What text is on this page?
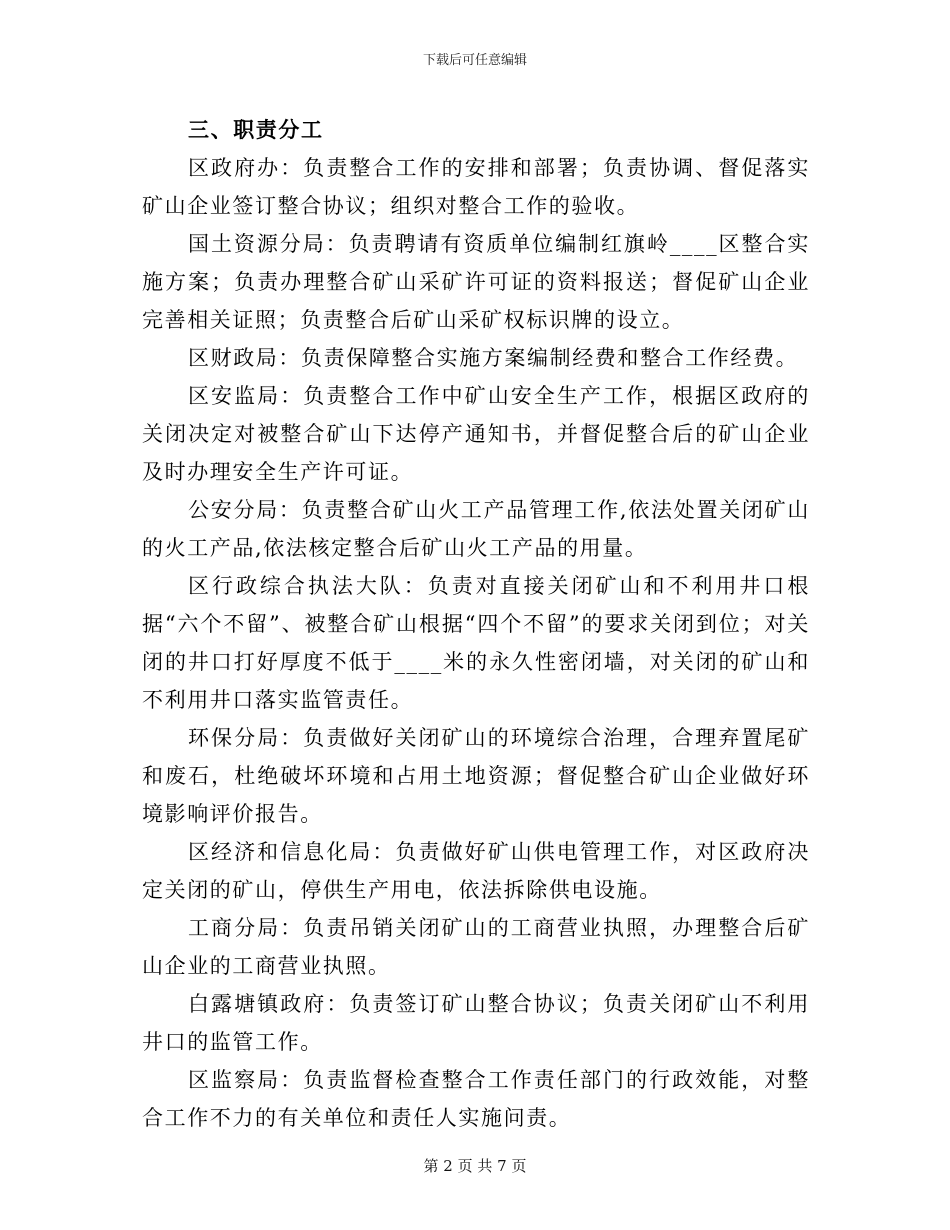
下载后可任意编辑

三、职责分工

区政府办：负责整合工作的安排和部署；负责协调、督促落实矿山企业签订整合协议；组织对整合工作的验收。

国土资源分局：负责聘请有资质单位编制红旗岭____区整合实施方案；负责办理整合矿山采矿许可证的资料报送；督促矿山企业完善相关证照；负责整合后矿山采矿权标识牌的设立。

区财政局：负责保障整合实施方案编制经费和整合工作经费。

区安监局：负责整合工作中矿山安全生产工作，根据区政府的关闭决定对被整合矿山下达停产通知书，并督促整合后的矿山企业及时办理安全生产许可证。

公安分局：负责整合矿山火工产品管理工作,依法处置关闭矿山的火工产品,依法核定整合后矿山火工产品的用量。

区行政综合执法大队：负责对直接关闭矿山和不利用井口根据“六个不留”、被整合矿山根据“四个不留”的要求关闭到位；对关闭的井口打好厚度不低于____米的永久性密闭墙，对关闭的矿山和不利用井口落实监管责任。

环保分局：负责做好关闭矿山的环境综合治理，合理弃置尾矿和废石，杜绝破坏环境和占用土地资源；督促整合矿山企业做好环境影响评价报告。

区经济和信息化局：负责做好矿山供电管理工作，对区政府决定关闭的矿山，停供生产用电，依法拆除供电设施。

工商分局：负责吊销关闭矿山的工商营业执照，办理整合后矿山企业的工商营业执照。

白露塘镇政府：负责签订矿山整合协议；负责关闭矿山不利用井口的监管工作。

区监察局：负责监督检查整合工作责任部门的行政效能，对整合工作不力的有关单位和责任人实施问责。

第 2 页 共 7 页
